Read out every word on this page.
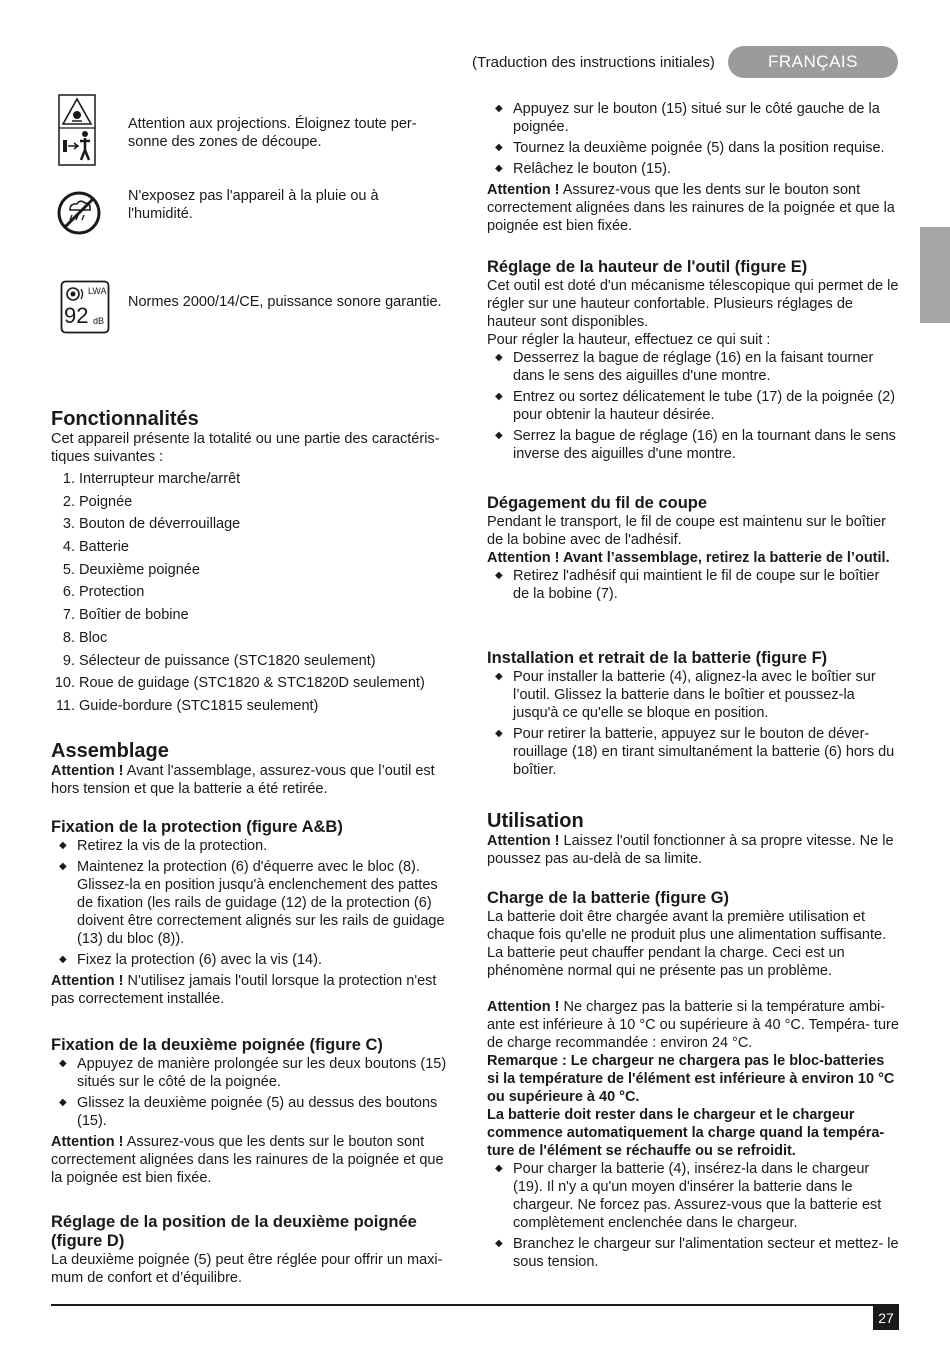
(Traduction des instructions initiales)	FRANÇAIS
Attention aux projections. Éloignez toute per- sonne des zones de découpe.
N'exposez pas l'appareil à la pluie ou à l'humidité.
LWA
92 dB
Normes 2000/14/CE, puissance sonore garantie.
Fonctionnalités

Cet appareil présente la totalité ou une partie des caractéris- tiques suivantes :

1. Interrupteur marche/arrêt
2. Poignée
3. Bouton de déverrouillage
4. Batterie
5. Deuxième poignée
6. Protection
7. Boîtier de bobine
8. Bloc
9. Sélecteur de puissance (STC1820 seulement)
10. Roue de guidage (STC1820 & STC1820D seulement)
11. Guide-bordure (STC1815 seulement)
Assemblage

Attention ! Avant l'assemblage, assurez-vous que l’outil est hors tension et que la batterie a été retirée.

Fixation de la protection (figure A&B)
◆ Retirez la vis de la protection.
◆ Maintenez la protection (6) d'équerre avec le bloc (8). Glissez-la en position jusqu'à enclenchement des pattes de fixation (les rails de guidage (12) de la protection (6) doivent être correctement alignés sur les rails de guidage (13) du bloc (8)).
◆ Fixez la protection (6) avec la vis (14).

Attention ! N'utilisez jamais l'outil lorsque la protection n'est pas correctement installée.

Fixation de la deuxième poignée (figure C)
◆ Appuyez de manière prolongée sur les deux boutons (15) situés sur le côté de la poignée.
◆ Glissez la deuxième poignée (5) au dessus des boutons (15).

Attention ! Assurez-vous que les dents sur le bouton sont correctement alignées dans les rainures de la poignée et que la poignée est bien fixée.

Réglage de la position de la deuxième poignée (figure D)

La deuxième poignée (5) peut être réglée pour offrir un maxi- mum de confort et d’équilibre.

◆ Appuyez sur le bouton (15) situé sur le côté gauche de la poignée.
◆ Tournez la deuxième poignée (5) dans la position requise.
◆ Relâchez le bouton (15).

Attention ! Assurez-vous que les dents sur le bouton sont correctement alignées dans les rainures de la poignée et que la poignée est bien fixée.

Réglage de la hauteur de l'outil (figure E)

Cet outil est doté d'un mécanisme télescopique qui permet de le régler sur une hauteur confortable. Plusieurs réglages de hauteur sont disponibles.

Pour régler la hauteur, effectuez ce qui suit :

◆ Desserrez la bague de réglage (16) en la faisant tourner dans le sens des aiguilles d'une montre.
◆ Entrez ou sortez délicatement le tube (17) de la poignée (2) pour obtenir la hauteur désirée.
◆ Serrez la bague de réglage (16) en la tournant dans le sens inverse des aiguilles d'une montre.
Dégagement du fil de coupe

Pendant le transport, le fil de coupe est maintenu sur le boîtier de la bobine avec de l'adhésif.

Attention ! Avant l’assemblage, retirez la batterie de l’outil.

◆ Retirez l'adhésif qui maintient le fil de coupe sur le boîtier de la bobine (7).
Installation et retrait de la batterie (figure F)
◆ Pour installer la batterie (4), alignez-la avec le boîtier sur l’outil. Glissez la batterie dans le boîtier et poussez-la jusqu'à ce qu'elle se bloque en position.
◆ Pour retirer la batterie, appuyez sur le bouton de déver- rouillage (18) en tirant simultanément la batterie (6) hors du boîtier.
Utilisation

Attention ! Laissez l'outil fonctionner à sa propre vitesse. Ne le poussez pas au-delà de sa limite.

Charge de la batterie (figure G)

La batterie doit être chargée avant la première utilisation et chaque fois qu'elle ne produit plus une alimentation suffisante. La batterie peut chauffer pendant la charge. Ceci est un phénomène normal qui ne présente pas un problème.

Attention ! Ne chargez pas la batterie si la température ambi- ante est inférieure à 10 °C ou supérieure à 40 °C. Tempéra- ture de charge recommandée : environ 24 °C.

Remarque : Le chargeur ne chargera pas le bloc-batteries si la température de l'élément est inférieure à environ 10 °C ou supérieure à 40 °C.

La batterie doit rester dans le chargeur et le chargeur commence automatiquement la charge quand la tempéra- ture de l'élément se réchauffe ou se refroidit.

◆ Pour charger la batterie (4), insérez-la dans le chargeur (19). Il n'y a qu'un moyen d'insérer la batterie dans le chargeur. Ne forcez pas. Assurez-vous que la batterie est complètement enclenchée dans le chargeur.
◆ Branchez le chargeur sur l'alimentation secteur et mettez- le sous tension.
27
